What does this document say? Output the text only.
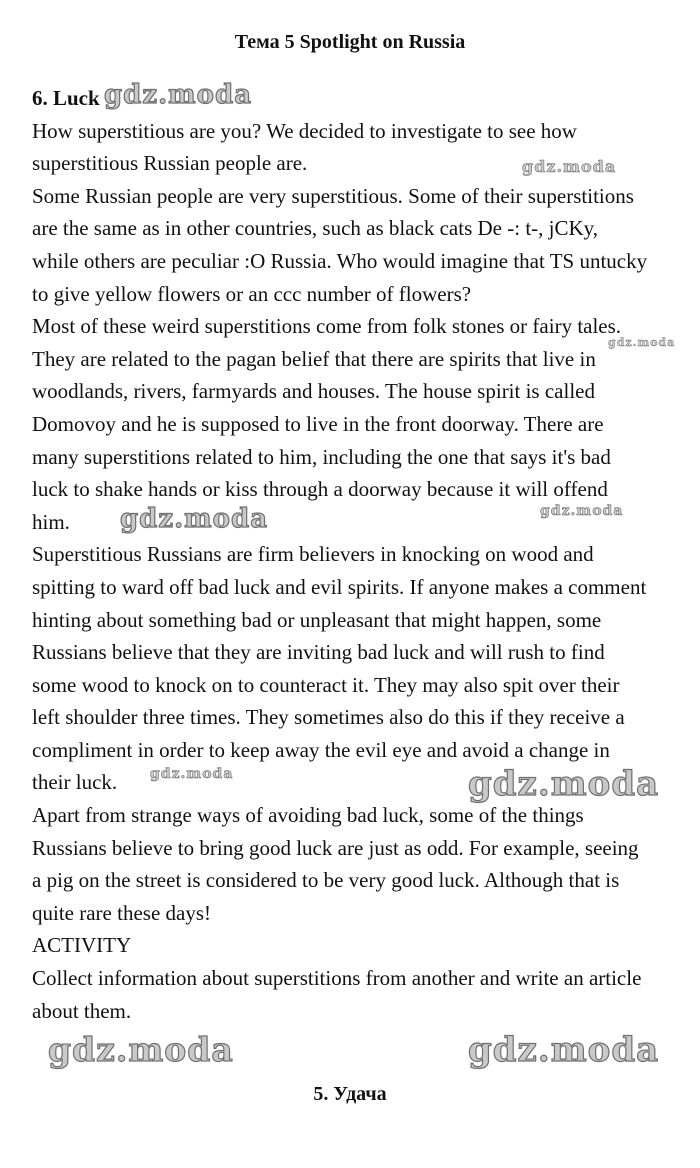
Тема 5 Spotlight on Russia
6. Luck
How superstitious are you? We decided to investigate to see how
superstitious Russian people are.
Some Russian people are very superstitious. Some of their superstitions
are the same as in other countries, such as black cats De -: t-, jCKy,
while others are peculiar :O Russia. Who would imagine that TS untucky
to give yellow flowers or an ccc number of flowers?
Most of these weird superstitions come from folk stones or fairy tales.
They are related to the pagan belief that there are spirits that live in
woodlands, rivers, farmyards and houses. The house spirit is called
Domovoy and he is supposed to live in the front doorway. There are
many superstitions related to him, including the one that says it's bad
luck to shake hands or kiss through a doorway because it will offend
him.
Superstitious Russians are firm believers in knocking on wood and
spitting to ward off bad luck and evil spirits. If anyone makes a comment
hinting about something bad or unpleasant that might happen, some
Russians believe that they are inviting bad luck and will rush to find
some wood to knock on to counteract it. They may also spit over their
left shoulder three times. They sometimes also do this if they receive a
compliment in order to keep away the evil eye and avoid a change in
their luck.
Apart from strange ways of avoiding bad luck, some of the things
Russians believe to bring good luck are just as odd. For example, seeing
a pig on the street is considered to be very good luck. Although that is
quite rare these days!
ACTIVITY
Collect information about superstitions from another and write an article
about them.
5. Удача
gdz.moda
gdz.moda
gdz.moda
gdz.moda	gdz.moda
gdz.moda	gdz.moda
gdz.moda	gdz.moda
